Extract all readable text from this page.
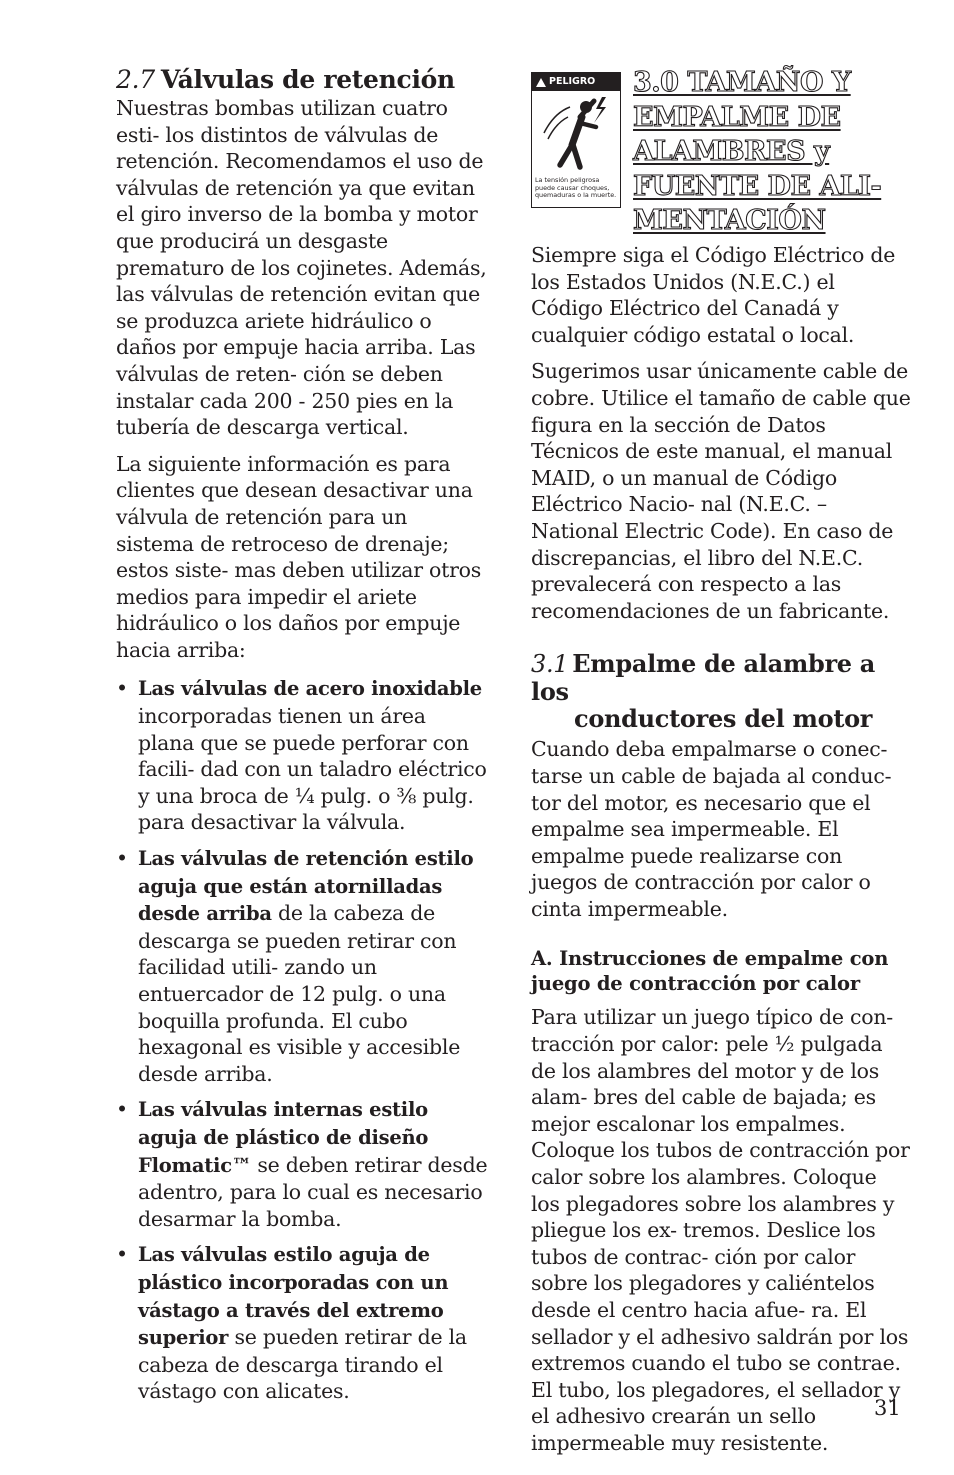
2.7 Válvulas de retención

Nuestras bombas utilizan cuatro esti- los distintos de válvulas de retención. Recomendamos el uso de válvulas de retención ya que evitan el giro inverso de la bomba y motor que producirá un desgaste prematuro de los cojinetes. Además, las válvulas de retención evitan que se produzca ariete hidráulico o daños por empuje hacia arriba. Las válvulas de reten- ción se deben instalar cada 200 - 250 pies en la tubería de descarga vertical.

La siguiente información es para clientes que desean desactivar una válvula de retención para un sistema de retroceso de drenaje; estos siste- mas deben utilizar otros medios para impedir el ariete hidráulico o los daños por empuje hacia arriba:

• Las válvulas de acero inoxidable incorporadas tienen un área plana que se puede perforar con facili- dad con un taladro eléctrico y una broca de ¼ pulg. o ⅜ pulg. para desactivar la válvula.

• Las válvulas de retención estilo aguja que están atornilladas desde arriba de la cabeza de descarga se pueden retirar con facilidad utili- zando un entuercador de 12 pulg. o una boquilla profunda. El cubo hexagonal es visible y accesible desde arriba.

• Las válvulas internas estilo aguja de plástico de diseño Flomatic™ se deben retirar desde adentro, para lo cual es necesario desarmar la bomba.

• Las válvulas estilo aguja de plástico incorporadas con un vástago a través del extremo superior se pueden retirar de la cabeza de descarga tirando el vástago con alicates.

PELIGRO
La tensión peligrosa puede causar choques, quemaduras o la muerte.
3.0 TAMAÑO Y EMPALME DE ALAMBRES y FUENTE DE ALI- MENTACIÓN

Siempre siga el Código Eléctrico de los Estados Unidos (N.E.C.) el Código Eléctrico del Canadá y cualquier código estatal o local.

Sugerimos usar únicamente cable de cobre. Utilice el tamaño de cable que figura en la sección de Datos Técnicos de este manual, el manual MAID, o un manual de Código Eléctrico Nacio- nal (N.E.C. – National Electric Code). En caso de discrepancias, el libro del N.E.C. prevalecerá con respecto a las recomendaciones de un fabricante.

3.1 Empalme de alambre a los
conductores del motor

Cuando deba empalmarse o conec- tarse un cable de bajada al conduc- tor del motor, es necesario que el empalme sea impermeable. El empalme puede realizarse con juegos de contracción por calor o cinta impermeable.

A. Instrucciones de empalme con juego de contracción por calor

Para utilizar un juego típico de con- tracción por calor: pele ½ pulgada de los alambres del motor y de los alam- bres del cable de bajada; es mejor escalonar los empalmes. Coloque los tubos de contracción por calor sobre los alambres. Coloque los plegadores sobre los alambres y pliegue los ex- tremos. Deslice los tubos de contrac- ción por calor sobre los plegadores y caliéntelos desde el centro hacia afue- ra. El sellador y el adhesivo saldrán por los extremos cuando el tubo se contrae. El tubo, los plegadores, el sellador y el adhesivo crearán un sello impermeable muy resistente.

31
